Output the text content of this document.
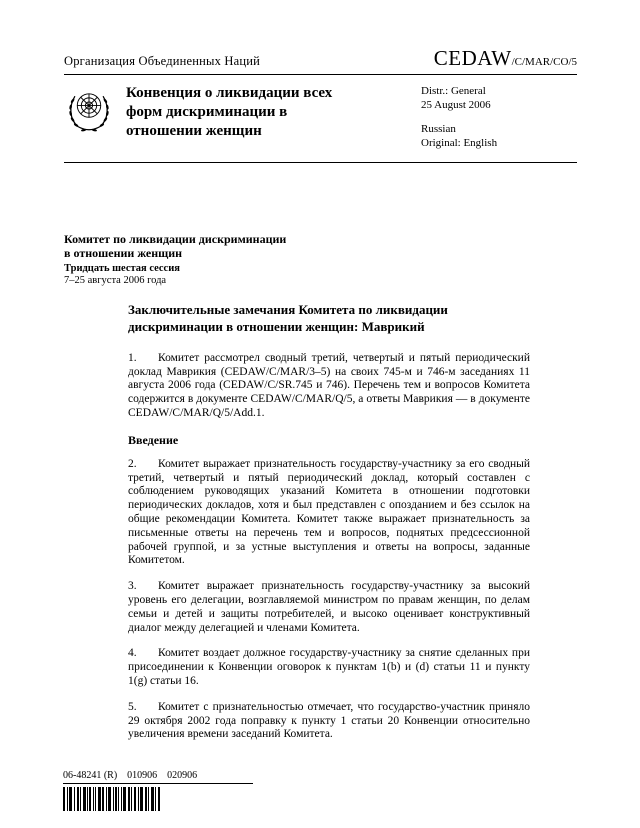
Организация Объединенных Наций	CEDAW/C/MAR/CO/5
Конвенция о ликвидации всех форм дискриминации в отношении женщин
Distr.: General
25 August 2006
Russian
Original: English
Комитет по ликвидации дискриминации
в отношении женщин
Тридцать шестая сессия
7–25 августа 2006 года
Заключительные замечания Комитета по ликвидации дискриминации в отношении женщин: Маврикий

1. Комитет рассмотрел сводный третий, четвертый и пятый периодический доклад Маврикия (CEDAW/C/MAR/3–5) на своих 745-м и 746-м заседаниях 11 августа 2006 года (CEDAW/C/SR.745 и 746). Перечень тем и вопросов Комитета содержится в документе CEDAW/C/MAR/Q/5, а ответы Маврикия — в документе CEDAW/C/MAR/Q/5/Add.1.

Введение

2. Комитет выражает признательность государству-участнику за его сводный третий, четвертый и пятый периодический доклад, который составлен с соблюдением руководящих указаний Комитета в отношении подготовки периодических докладов, хотя и был представлен с опозданием и без ссылок на общие рекомендации Комитета. Комитет также выражает признательность за письменные ответы на перечень тем и вопросов, поднятых предсессионной рабочей группой, и за устные выступления и ответы на вопросы, заданные Комитетом.

3. Комитет выражает признательность государству-участнику за высокий уровень его делегации, возглавляемой министром по правам женщин, по делам семьи и детей и защиты потребителей, и высоко оценивает конструктивный диалог между делегацией и членами Комитета.

4. Комитет воздает должное государству-участнику за снятие сделанных при присоединении к Конвенции оговорок к пунктам 1(b) и (d) статьи 11 и пункту 1(g) статьи 16.

5. Комитет с признательностью отмечает, что государство-участник приняло 29 октября 2002 года поправку к пункту 1 статьи 20 Конвенции относительно увеличения времени заседаний Комитета.

06-48241 (R)    010906    020906
